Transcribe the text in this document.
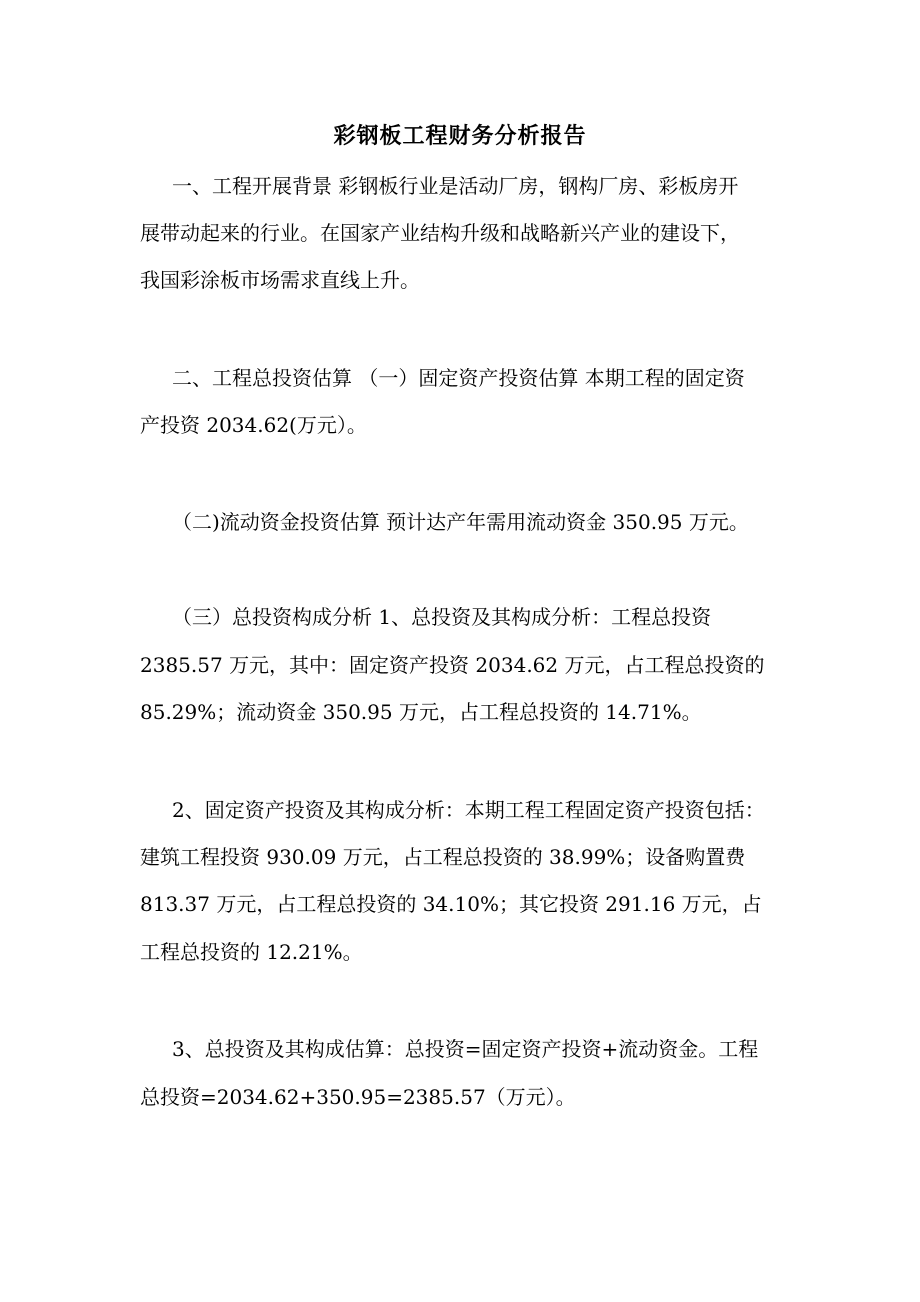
彩钢板工程财务分析报告
一、工程开展背景 彩钢板行业是活动厂房，钢构厂房、彩板房开
展带动起来的行业。在国家产业结构升级和战略新兴产业的建设下，
我国彩涂板市场需求直线上升。
二、工程总投资估算 （一）固定资产投资估算 本期工程的固定资
产投资 2034.62(万元）。
（二)流动资金投资估算 预计达产年需用流动资金 350.95 万元。
（三）总投资构成分析 1、总投资及其构成分析：工程总投资
2385.57 万元，其中：固定资产投资 2034.62 万元，占工程总投资的
85.29%；流动资金 350.95 万元，占工程总投资的 14.71%。
2、固定资产投资及其构成分析：本期工程工程固定资产投资包括：
建筑工程投资 930.09 万元，占工程总投资的 38.99%；设备购置费
813.37 万元，占工程总投资的 34.10%；其它投资 291.16 万元，占
工程总投资的 12.21%。
3、总投资及其构成估算：总投资=固定资产投资+流动资金。工程
总投资=2034.62+350.95=2385.57（万元）。
